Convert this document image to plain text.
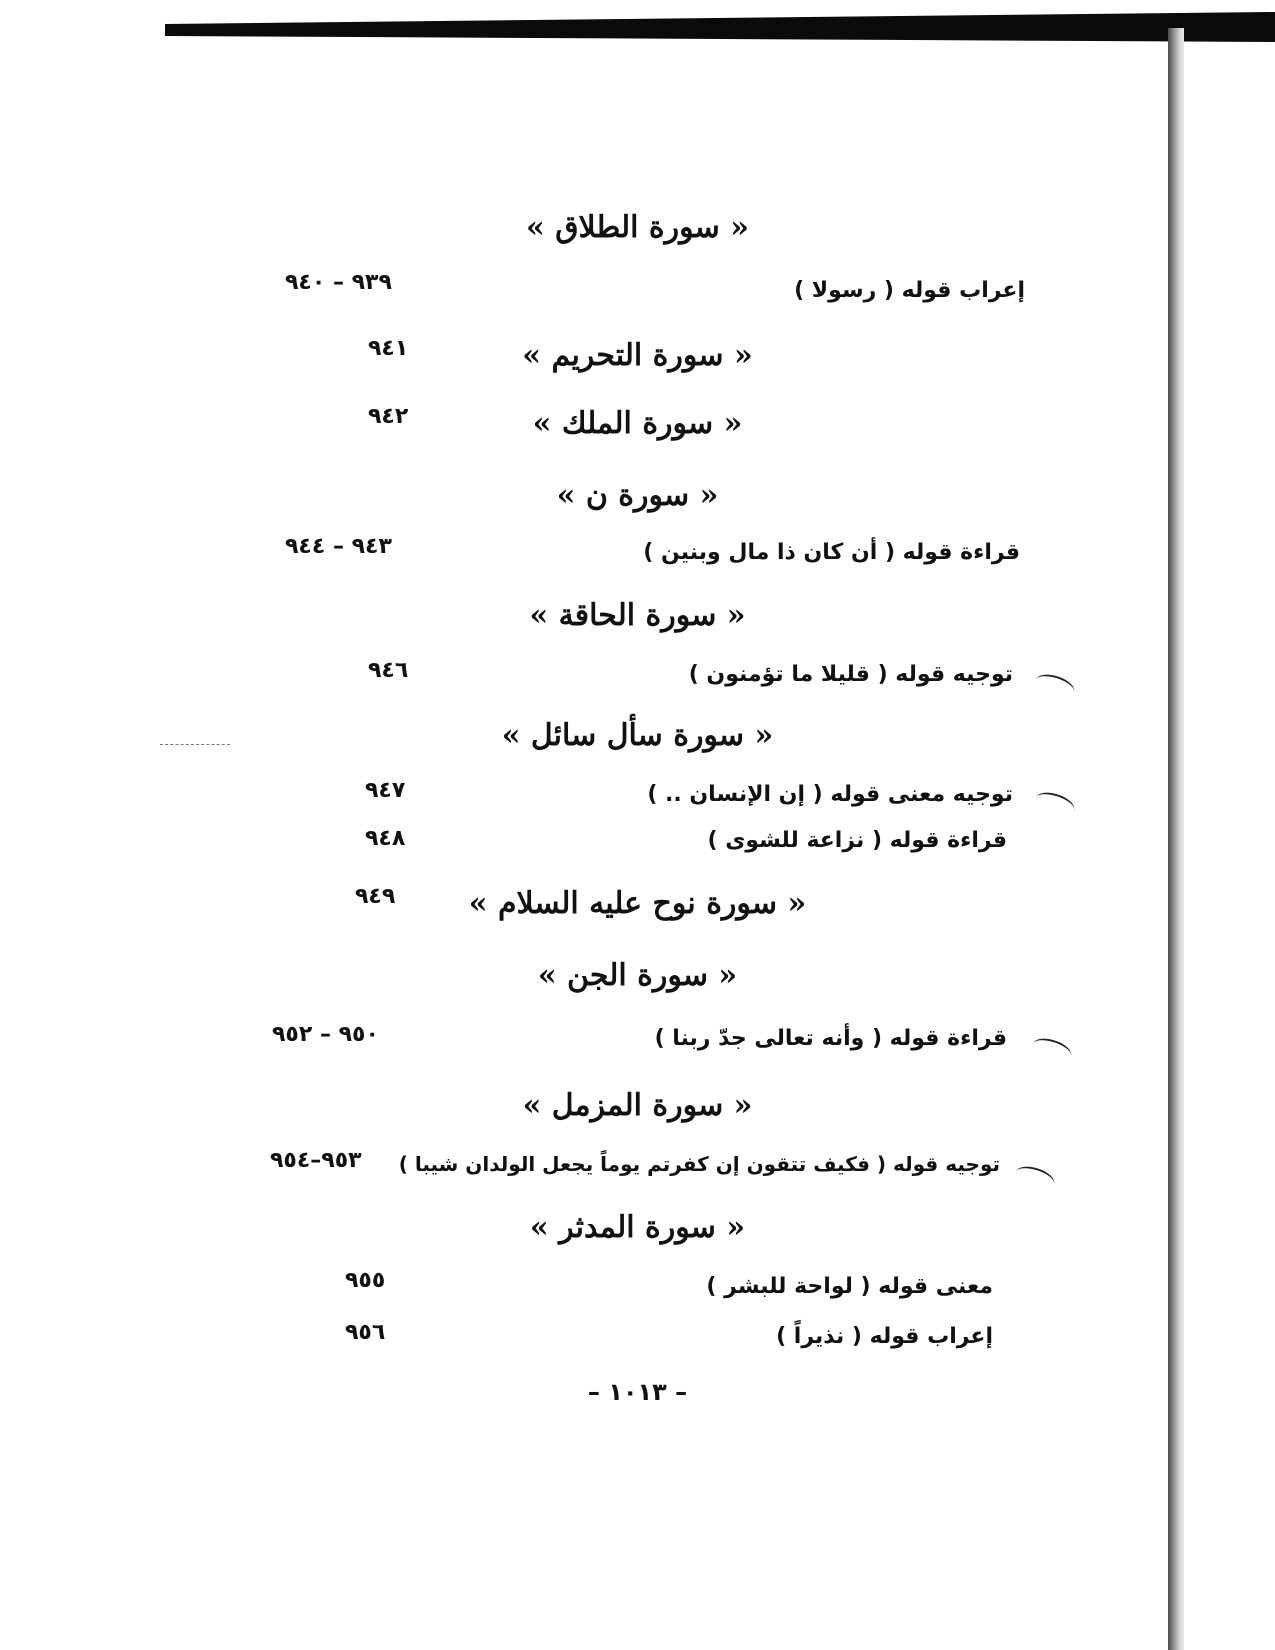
« سورة الطلاق »
إعراب قوله ( رسولا )
٩٣٩ – ٩٤٠
« سورة التحريم »
٩٤١
« سورة الملك »
٩٤٢
« سورة ن »
قراءة قوله ( أن كان ذا مال وبنين )
٩٤٣ – ٩٤٤
« سورة الحاقة »
توجيه قوله ( قليلا ما تؤمنون )
٩٤٦
« سورة سأل سائل »
توجيه معنى قوله ( إن الإنسان .. )
٩٤٧
قراءة قوله ( نزاعة للشوى )
٩٤٨
« سورة نوح عليه السلام »
٩٤٩
« سورة الجن »
قراءة قوله ( وأنه تعالى جدّ ربنا )
٩٥٠ – ٩٥٢
« سورة المزمل »
توجيه قوله ( فكيف تتقون إن كفرتم يوماً يجعل الولدان شيبا )
٩٥٣–٩٥٤
« سورة المدثر »
معنى قوله ( لواحة للبشر )
٩٥٥
إعراب قوله ( نذيراً )
٩٥٦
– ١٠١٣ –
